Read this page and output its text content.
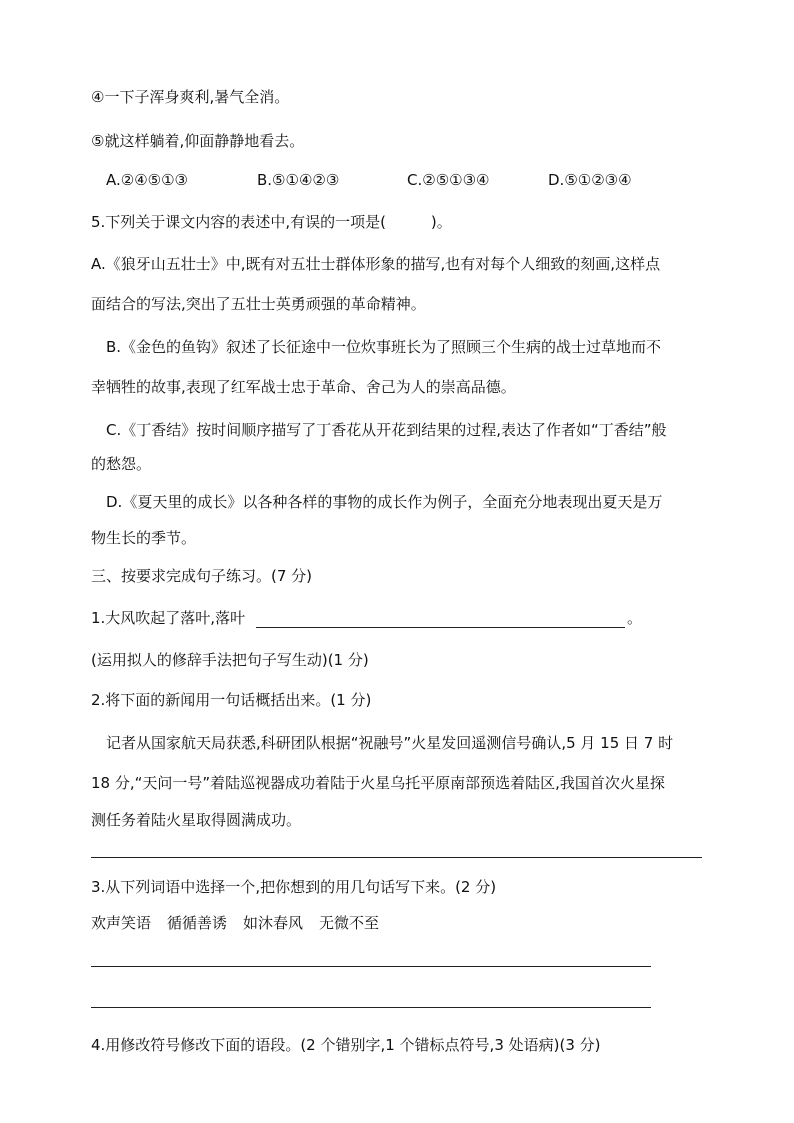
④一下子浑身爽利,暑气全消。
⑤就这样躺着,仰面静静地看去。
A.②④⑤①③	B.⑤①④②③	C.②⑤①③④	D.⑤①②③④
5.下列关于课文内容的表述中,有误的一项是(　　　)。
A.《狼牙山五壮士》中,既有对五壮士群体形象的描写,也有对每个人细致的刻画,这样点
面结合的写法,突出了五壮士英勇顽强的革命精神。
B.《金色的鱼钩》叙述了长征途中一位炊事班长为了照顾三个生病的战士过草地而不
幸牺牲的故事,表现了红军战士忠于革命、舍己为人的崇高品德。
C.《丁香结》按时间顺序描写了丁香花从开花到结果的过程,表达了作者如“丁香结”般
的愁怨。
D.《夏天里的成长》以各种各样的事物的成长作为例子，全面充分地表现出夏天是万
物生长的季节。
三、按要求完成句子练习。(7 分)
1.大风吹起了落叶,落叶	。
(运用拟人的修辞手法把句子写生动)(1 分)
2.将下面的新闻用一句话概括出来。(1 分)
记者从国家航天局获悉,科研团队根据“祝融号”火星发回遥测信号确认,5 月 15 日 7 时
18 分,“天问一号”着陆巡视器成功着陆于火星乌托平原南部预选着陆区,我国首次火星探
测任务着陆火星取得圆满成功。
3.从下列词语中选择一个,把你想到的用几句话写下来。(2 分)
欢声笑语 循循善诱 如沐春风 无微不至
4.用修改符号修改下面的语段。(2 个错别字,1 个错标点符号,3 处语病)(3 分)
